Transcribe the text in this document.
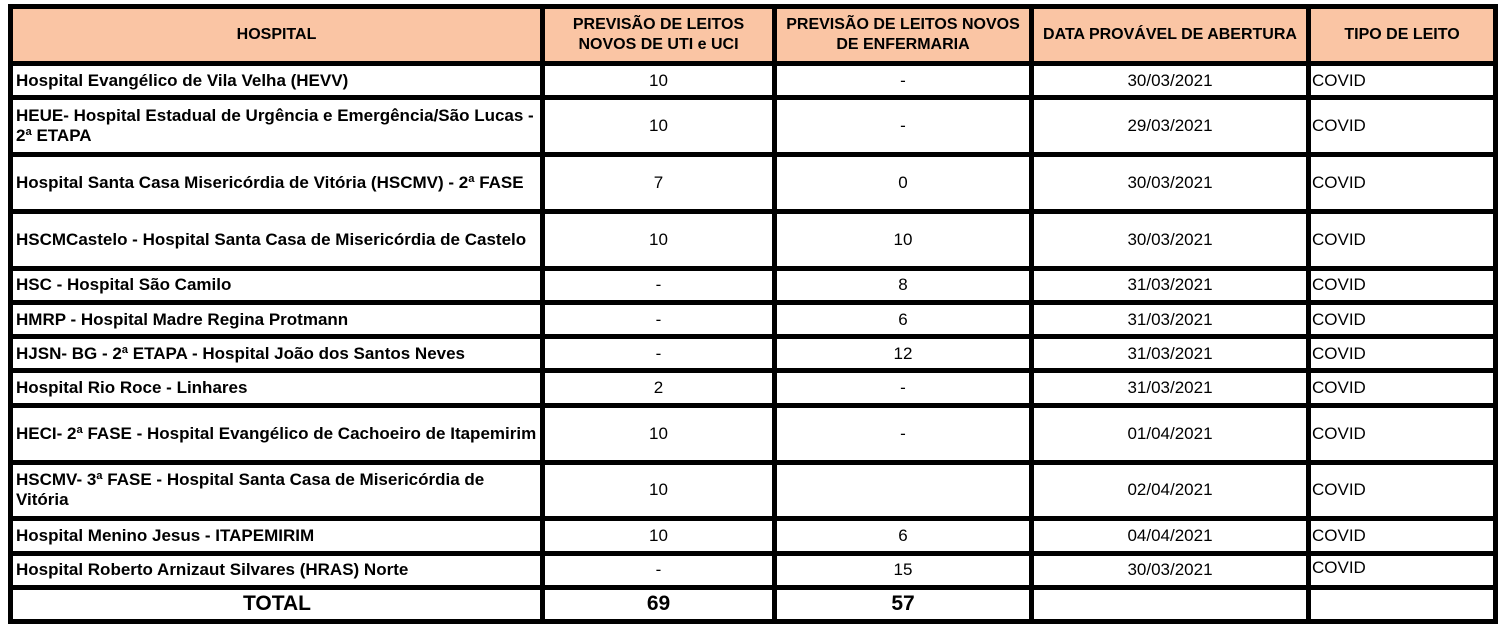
HOSPITAL	PREVISÃO DE LEITOS NOVOS DE UTI e UCI	PREVISÃO DE LEITOS NOVOS DE ENFERMARIA	DATA PROVÁVEL DE ABERTURA	TIPO DE LEITO
Hospital Evangélico de Vila Velha (HEVV)	10	-	30/03/2021	COVID
HEUE- Hospital Estadual de Urgência e Emergência/São Lucas - 2ª ETAPA	10	-	29/03/2021	COVID
Hospital Santa Casa Misericórdia de Vitória (HSCMV) - 2ª FASE	7	0	30/03/2021	COVID
HSCMCastelo - Hospital Santa Casa de Misericórdia de Castelo	10	10	30/03/2021	COVID
HSC - Hospital São Camilo	-	8	31/03/2021	COVID
HMRP - Hospital Madre Regina Protmann	-	6	31/03/2021	COVID
HJSN- BG - 2ª ETAPA - Hospital João dos Santos Neves	-	12	31/03/2021	COVID
Hospital Rio Roce - Linhares	2	-	31/03/2021	COVID
HECI- 2ª FASE - Hospital Evangélico de Cachoeiro de Itapemirim	10	-	01/04/2021	COVID
HSCMV- 3ª FASE - Hospital Santa Casa de Misericórdia de Vitória	10		02/04/2021	COVID
Hospital Menino Jesus - ITAPEMIRIM	10	6	04/04/2021	COVID
Hospital Roberto Arnizaut Silvares (HRAS) Norte	-	15	30/03/2021	COVID
TOTAL	69	57		
